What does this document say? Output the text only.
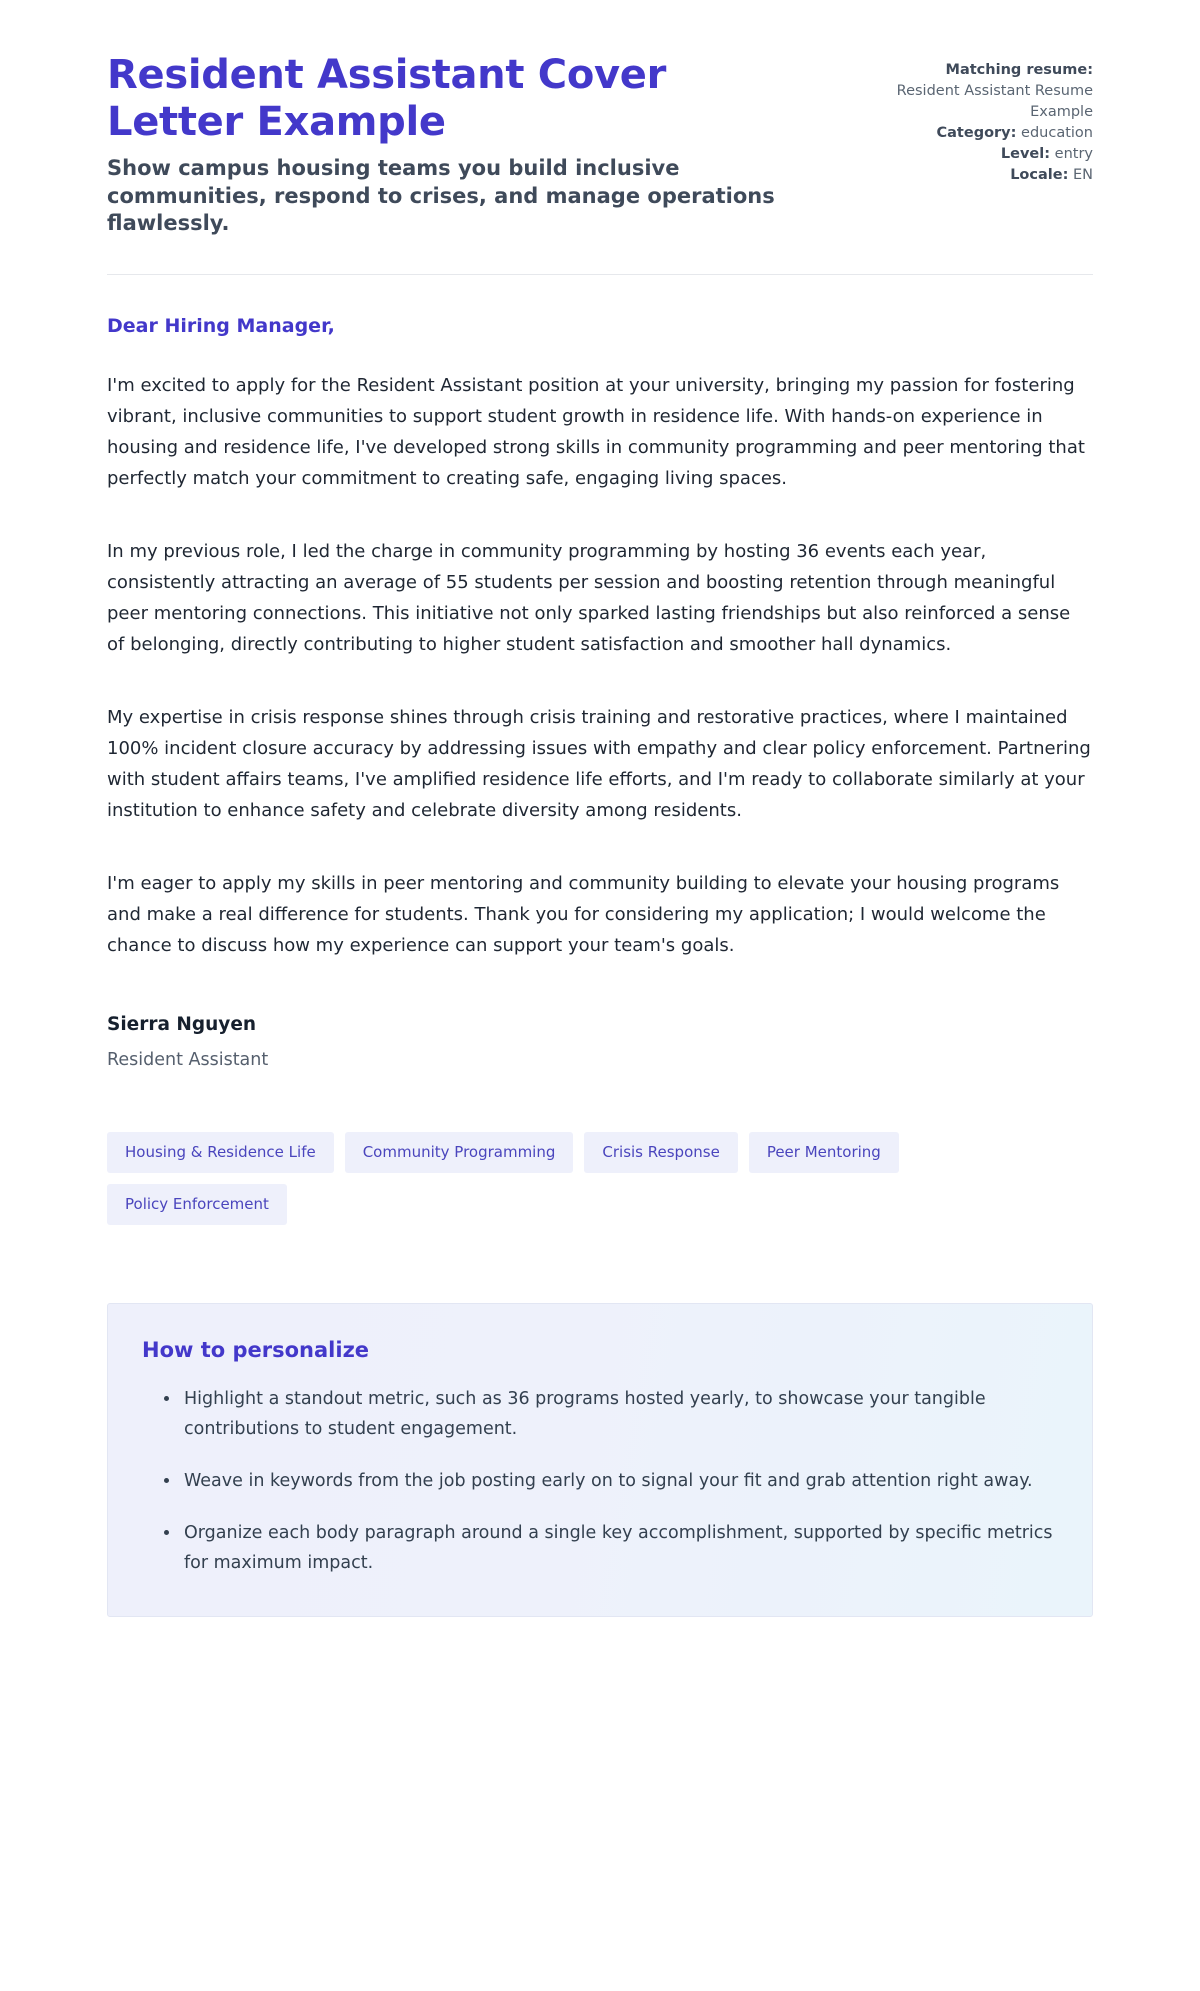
Resident Assistant Cover Letter Example

Show campus housing teams you build inclusive communities, respond to crises, and manage operations flawlessly.

Matching resume:
Resident Assistant Resume Example
Category: education
Level: entry
Locale: EN

Dear Hiring Manager,

I'm excited to apply for the Resident Assistant position at your university, bringing my passion for fostering vibrant, inclusive communities to support student growth in residence life. With hands-on experience in housing and residence life, I've developed strong skills in community programming and peer mentoring that perfectly match your commitment to creating safe, engaging living spaces.

In my previous role, I led the charge in community programming by hosting 36 events each year, consistently attracting an average of 55 students per session and boosting retention through meaningful peer mentoring connections. This initiative not only sparked lasting friendships but also reinforced a sense of belonging, directly contributing to higher student satisfaction and smoother hall dynamics.

My expertise in crisis response shines through crisis training and restorative practices, where I maintained 100% incident closure accuracy by addressing issues with empathy and clear policy enforcement. Partnering with student affairs teams, I've amplified residence life efforts, and I'm ready to collaborate similarly at your institution to enhance safety and celebrate diversity among residents.

I'm eager to apply my skills in peer mentoring and community building to elevate your housing programs and make a real difference for students. Thank you for considering my application; I would welcome the chance to discuss how my experience can support your team's goals.

Sierra Nguyen

Resident Assistant

Housing & Residence Life	Community Programming	Crisis Response	Peer Mentoring
Policy Enforcement
How to personalize
Highlight a standout metric, such as 36 programs hosted yearly, to showcase your tangible contributions to student engagement.
Weave in keywords from the job posting early on to signal your fit and grab attention right away.
Organize each body paragraph around a single key accomplishment, supported by specific metrics for maximum impact.
